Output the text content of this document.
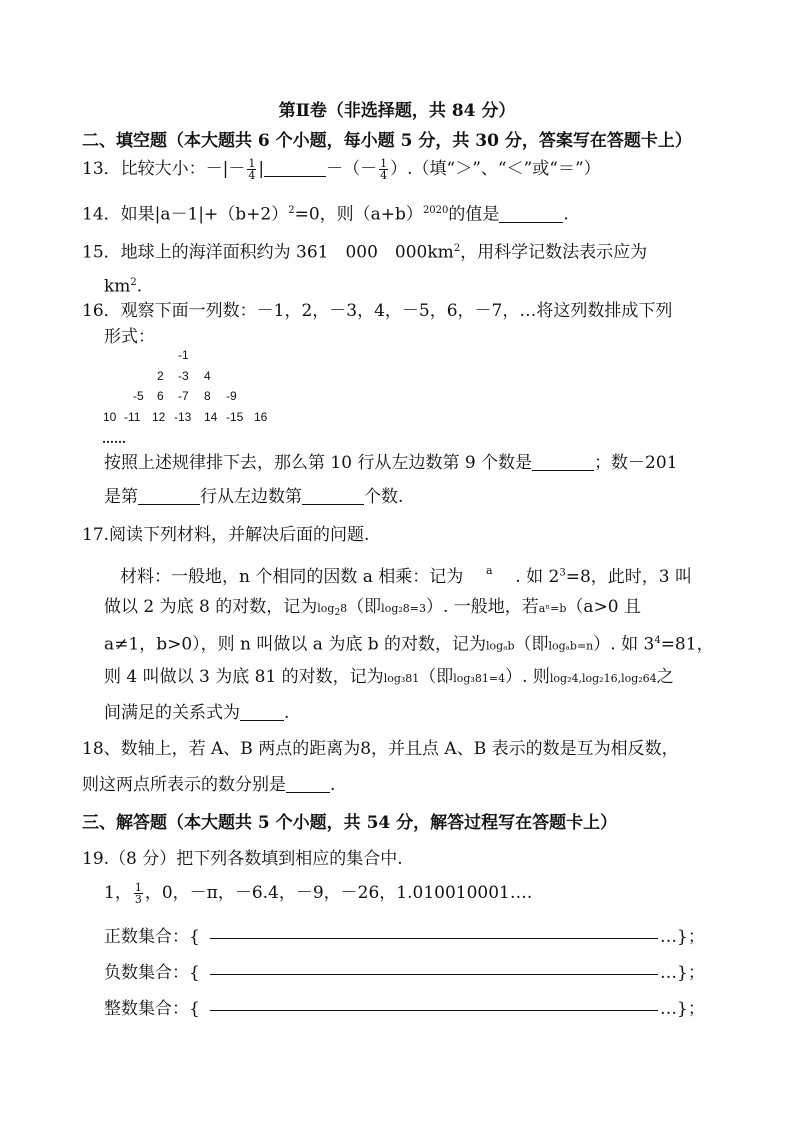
第Ⅱ卷（非选择题，共 84 分）
二、填空题（本大题共 6 个小题，每小题 5 分，共 30 分，答案写在答题卡上）
13．比较大小：－|－ $\frac{1}{4}$ |	－（－ $\frac{1}{4}$ ）.（填“＞”、“＜”或“＝”）
14．如果$|a-1|+(b+2)^2=0$，则$(a+b)^{2020}$的值是	.
15．地球上的海洋面积约为 361　000　$000km^2$，用科学记数法表示应为
$km^2$.
16．观察下面一列数：－1，2，－3，4，－5，6，－7，…将这列数排成下列
形式：
-1
2 -3 4
-5 6 -7 8 -9
10 -11 12 -13 14 -15 16
……
按照上述规律排下去，那么第 10 行从左边数第 9 个数是	；数－201
是第	行从左边数第	个数.
17.阅读下列材料，并解决后面的问题.
材料：一般地，n 个相同的因数 a 相乘：记为 a . 如 $2^3=8$，此时，3 叫
做以 2 为底 8 的对数，记为$\log_28$（即log₂8=3）. 一般地，若aⁿ=b（a>0 且
a≠1，b>0），则 n 叫做以 a 为底 b 的对数，记为logₐb（即logₐb=n）. 如 $3^4=81$，
则 4 叫做以 3 为底 81 的对数，记为log₃81（即log₃81=4）. 则log₂4,log₂16,log₂64之
间满足的关系式为	.
18、数轴上，若 A、B 两点的距离为8，并且点 A、B 表示的数是互为相反数，
则这两点所表示的数分别是	.
三、解答题（本大题共 5 个小题，共 54 分，解答过程写在答题卡上）
19.（8 分）把下列各数填到相应的集合中.
1， $\frac{1}{3}$ ，0，－π，－6.4，－9，－26，1.010010001….
正数集合：{	…}；
负数集合：{	…}；
整数集合：{	…}；
